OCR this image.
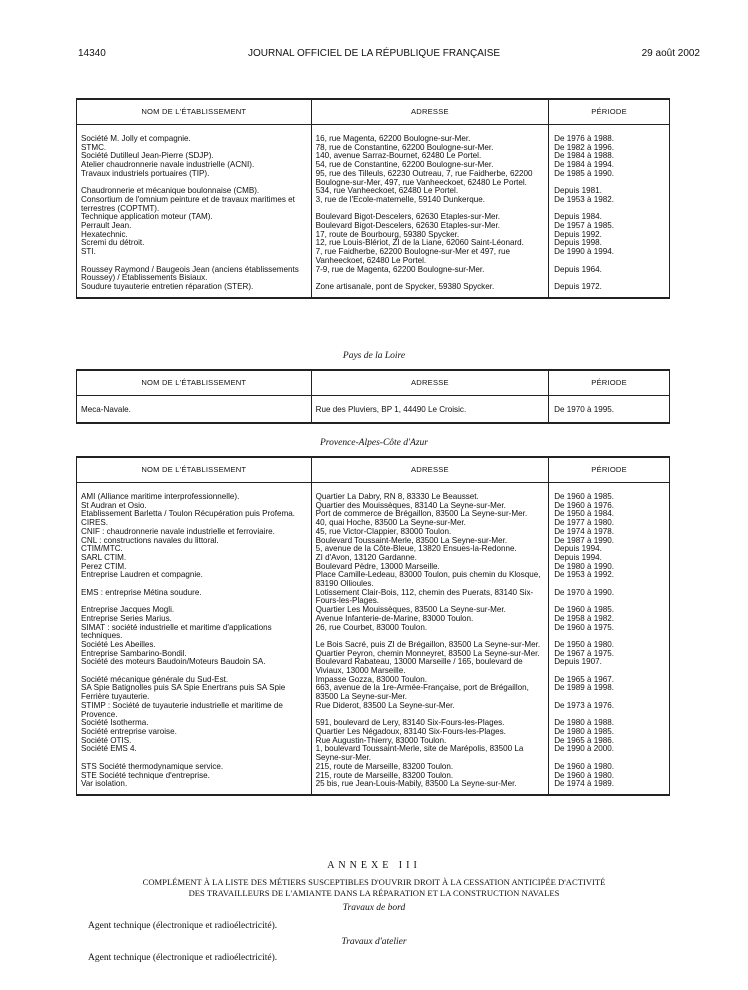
14340	JOURNAL OFFICIEL DE LA RÉPUBLIQUE FRANÇAISE	29 août 2002
NOM DE L'ÉTABLISSEMENT	ADRESSE	PÉRIODE
Société M. Jolly et compagnie.	16, rue Magenta, 62200 Boulogne-sur-Mer.	De 1976 à 1988.
STMC.	78, rue de Constantine, 62200 Boulogne-sur-Mer.	De 1982 à 1996.
Société Dutilleul Jean-Pierre (SDJP).	140, avenue Sarraz-Bournet, 62480 Le Portel.	De 1984 à 1988.
Atelier chaudronnerie navale industrielle (ACNI).	54, rue de Constantine, 62200 Boulogne-sur-Mer.	De 1984 à 1994.
Travaux industriels portuaires (TIP).	95, rue des Tilleuls, 62230 Outreau, 7, rue Faidherbe, 62200 Boulogne-sur-Mer, 497, rue Vanheeckoet, 62480 Le Portel.	De 1985 à 1990.
Chaudronnerie et mécanique boulonnaise (CMB).	534, rue Vanheeckoet, 62480 Le Portel.	Depuis 1981.
Consortium de l'omnium peinture et de travaux maritimes et terrestres (COPTMT).	3, rue de l'Ecole-maternelle, 59140 Dunkerque.	De 1953 à 1982.
Technique application moteur (TAM).	Boulevard Bigot-Descelers, 62630 Etaples-sur-Mer.	Depuis 1984.
Perrault Jean.	Boulevard Bigot-Descelers, 62630 Etaples-sur-Mer.	De 1957 à 1985.
Hexatechnic.	17, route de Bourbourg, 59380 Spycker.	Depuis 1992.
Scremi du détroit.	12, rue Louis-Blériot, ZI de la Liane, 62060 Saint-Léonard.	Depuis 1998.
STI.	7, rue Faidherbe, 62200 Boulogne-sur-Mer et 497, rue Vanheeckoet, 62480 Le Portel.	De 1990 à 1994.
Roussey Raymond / Baugeois Jean (anciens établissements Roussey) / Etablissements Bisiaux.	7-9, rue de Magenta, 62200 Boulogne-sur-Mer.	Depuis 1964.
Soudure tuyauterie entretien réparation (STER).	Zone artisanale, pont de Spycker, 59380 Spycker.	Depuis 1972.
Pays de la Loire
NOM DE L'ÉTABLISSEMENT	ADRESSE	PÉRIODE
Meca-Navale.	Rue des Pluviers, BP 1, 44490 Le Croisic.	De 1970 à 1995.
Provence-Alpes-Côte d'Azur
NOM DE L'ÉTABLISSEMENT	ADRESSE	PÉRIODE
AMI (Alliance maritime interprofessionnelle).	Quartier La Dabry, RN 8, 83330 Le Beausset.	De 1960 à 1985.
St Audran et Osio.	Quartier des Mouissèques, 83140 La Seyne-sur-Mer.	De 1960 à 1976.
Etablissement Barletta / Toulon Récupération puis Profema.	Port de commerce de Brégaillon, 83500 La Seyne-sur-Mer.	De 1950 à 1984.
CIRES.	40, quai Hoche, 83500 La Seyne-sur-Mer.	De 1977 à 1980.
CNIF : chaudronnerie navale industrielle et ferroviaire.	45, rue Victor-Clappier, 83000 Toulon.	De 1974 à 1978.
CNL : constructions navales du littoral.	Boulevard Toussaint-Merle, 83500 La Seyne-sur-Mer.	De 1987 à 1990.
CTIM/MTC.	5, avenue de la Côte-Bleue, 13820 Ensues-la-Redonne.	Depuis 1994.
SARL CTIM.	ZI d'Avon, 13120 Gardanne.	Depuis 1994.
Perez CTIM.	Boulevard Pèdre, 13000 Marseille.	De 1980 à 1990.
Entreprise Laudren et compagnie.	Place Camille-Ledeau, 83000 Toulon, puis chemin du Klosque, 83190 Ollioules.	De 1953 à 1992.
EMS : entreprise Métina soudure.	Lotissement Clair-Bois, 112, chemin des Puerats, 83140 Six-Fours-les-Plages.	De 1970 à 1990.
Entreprise Jacques Mogli.	Quartier Les Mouissèques, 83500 La Seyne-sur-Mer.	De 1960 à 1985.
Entreprise Series Marius.	Avenue Infanterie-de-Marine, 83000 Toulon.	De 1958 à 1982.
SIMAT : société industrielle et maritime d'applications techniques.	26, rue Courbet, 83000 Toulon.	De 1960 à 1975.
Société Les Abeilles.	Le Bois Sacré, puis ZI de Brégaillon, 83500 La Seyne-sur-Mer.	De 1950 à 1980.
Entreprise Sambarino-Bondil.	Quartier Peyron, chemin Monneyret, 83500 La Seyne-sur-Mer.	De 1967 à 1975.
Société des moteurs Baudoin/Moteurs Baudoin SA.	Boulevard Rabateau, 13000 Marseille / 165, boulevard de Viviaux, 13000 Marseille.	Depuis 1907.
Société mécanique générale du Sud-Est.	Impasse Gozza, 83000 Toulon.	De 1965 à 1967.
SA Spie Batignolles puis SA Spie Enertrans puis SA Spie Ferrière tuyauterie.	663, avenue de la 1re-Armée-Française, port de Brégaillon, 83500 La Seyne-sur-Mer.	De 1989 à 1998.
STIMP : Société de tuyauterie industrielle et maritime de Provence.	Rue Diderot, 83500 La Seyne-sur-Mer.	De 1973 à 1976.
Société Isotherma.	591, boulevard de Lery, 83140 Six-Fours-les-Plages.	De 1980 à 1988.
Société entreprise varoise.	Quartier Les Négadoux, 83140 Six-Fours-les-Plages.	De 1980 à 1985.
Société OTIS.	Rue Augustin-Thierry, 83000 Toulon.	De 1965 à 1986.
Société EMS 4.	1, boulevard Toussaint-Merle, site de Marépolis, 83500 La Seyne-sur-Mer.	De 1990 à 2000.
STS Société thermodynamique service.	215, route de Marseille, 83200 Toulon.	De 1960 à 1980.
STE Société technique d'entreprise.	215, route de Marseille, 83200 Toulon.	De 1960 à 1980.
Var isolation.	25 bis, rue Jean-Louis-Mabily, 83500 La Seyne-sur-Mer.	De 1974 à 1989.
ANNEXE III
COMPLÉMENT À LA LISTE DES MÉTIERS SUSCEPTIBLES D'OUVRIR DROIT À LA CESSATION ANTICIPÉE D'ACTIVITÉ
DES TRAVAILLEURS DE L'AMIANTE DANS LA RÉPARATION ET LA CONSTRUCTION NAVALES
Travaux de bord
Agent technique (électronique et radioélectricité).
Travaux d'atelier
Agent technique (électronique et radioélectricité).
